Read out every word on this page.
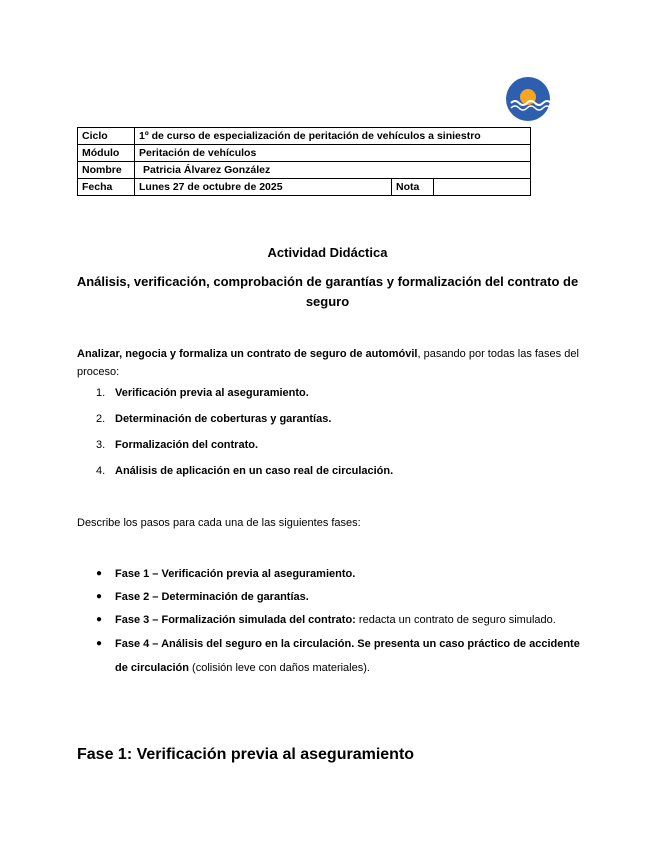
Ciclo	1º de curso de especialización de peritación de vehículos a siniestro		
Módulo	Peritación de vehículos		
Nombre	Patricia Álvarez González		
Fecha	Lunes 27 de octubre de 2025	Nota	
Actividad Didáctica
Análisis, verificación, comprobación de garantías y formalización del contrato de seguro
Analizar, negocia y formaliza un contrato de seguro de automóvil, pasando por todas las fases del proceso:
1. Verificación previa al aseguramiento.
2. Determinación de coberturas y garantías.
3. Formalización del contrato.
4. Análisis de aplicación en un caso real de circulación.
Describe los pasos para cada una de las siguientes fases:
● Fase 1 – Verificación previa al aseguramiento.
● Fase 2 – Determinación de garantías.
● Fase 3 – Formalización simulada del contrato: redacta un contrato de seguro simulado.
● Fase 4 – Análisis del seguro en la circulación. Se presenta un caso práctico de accidente de circulación (colisión leve con daños materiales).
Fase 1: Verificación previa al aseguramiento
